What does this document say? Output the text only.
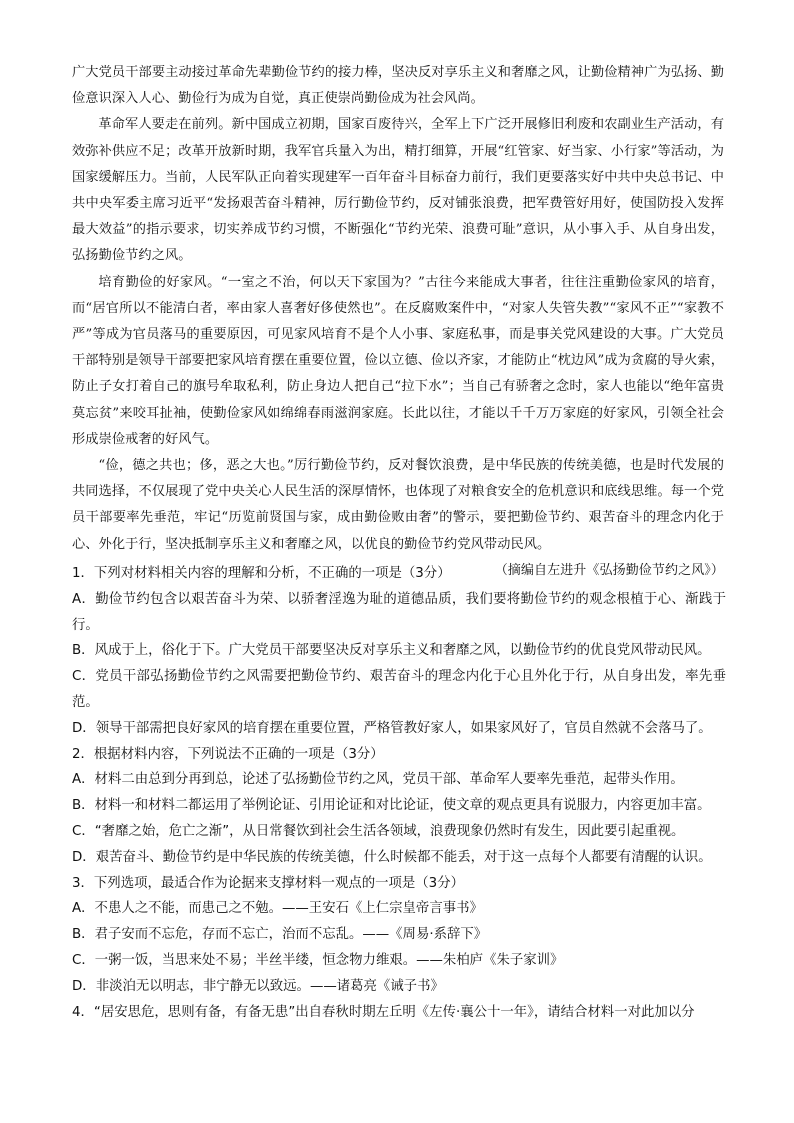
广大党员干部要主动接过革命先辈勤俭节约的接力棒，坚决反对享乐主义和奢靡之风，让勤俭精神广为弘扬、勤俭意识深入人心、勤俭行为成为自觉，真正使崇尚勤俭成为社会风尚。

革命军人要走在前列。新中国成立初期，国家百废待兴，全军上下广泛开展修旧利废和农副业生产活动，有效弥补供应不足；改革开放新时期，我军官兵量入为出，精打细算，开展“红管家、好当家、小行家”等活动，为国家缓解压力。当前，人民军队正向着实现建军一百年奋斗目标奋力前行，我们更要落实好中共中央总书记、中共中央军委主席习近平“发扬艰苦奋斗精神，厉行勤俭节约，反对铺张浪费，把军费管好用好，使国防投入发挥最大效益”的指示要求，切实养成节约习惯，不断强化“节约光荣、浪费可耻”意识，从小事入手、从自身出发，弘扬勤俭节约之风。

培育勤俭的好家风。“一室之不治，何以天下家国为？”古往今来能成大事者，往往注重勤俭家风的培育，而“居官所以不能清白者，率由家人喜奢好侈使然也”。在反腐败案件中，“对家人失管失教”“家风不正”“家教不严”等成为官员落马的重要原因，可见家风培育不是个人小事、家庭私事，而是事关党风建设的大事。广大党员干部特别是领导干部要把家风培育摆在重要位置，俭以立德、俭以齐家，才能防止“枕边风”成为贪腐的导火索，防止子女打着自己的旗号牟取私利，防止身边人把自己“拉下水”；当自己有骄奢之念时，家人也能以“绝年富贵莫忘贫”来咬耳扯袖，使勤俭家风如绵绵春雨滋润家庭。长此以往，才能以千千万万家庭的好家风，引领全社会形成崇俭戒奢的好风气。

“俭，德之共也；侈，恶之大也。”厉行勤俭节约，反对餐饮浪费，是中华民族的传统美德，也是时代发展的共同选择，不仅展现了党中央关心人民生活的深厚情怀，也体现了对粮食安全的危机意识和底线思维。每一个党员干部要率先垂范，牢记“历览前贤国与家，成由勤俭败由奢”的警示，要把勤俭节约、艰苦奋斗的理念内化于心、外化于行，坚决抵制享乐主义和奢靡之风，以优良的勤俭节约党风带动民风。

（摘编自左进升《弘扬勤俭节约之风》）

1．下列对材料相关内容的理解和分析，不正确的一项是（3分）

A．勤俭节约包含以艰苦奋斗为荣、以骄奢淫逸为耻的道德品质，我们要将勤俭节约的观念根植于心、渐践于行。

B．风成于上，俗化于下。广大党员干部要坚决反对享乐主义和奢靡之风，以勤俭节约的优良党风带动民风。

C．党员干部弘扬勤俭节约之风需要把勤俭节约、艰苦奋斗的理念内化于心且外化于行，从自身出发，率先垂范。

D．领导干部需把良好家风的培育摆在重要位置，严格管教好家人，如果家风好了，官员自然就不会落马了。

2．根据材料内容，下列说法不正确的一项是（3分）

A．材料二由总到分再到总，论述了弘扬勤俭节约之风，党员干部、革命军人要率先垂范，起带头作用。

B．材料一和材料二都运用了举例论证、引用论证和对比论证，使文章的观点更具有说服力，内容更加丰富。

C．“奢靡之始，危亡之渐”，从日常餐饮到社会生活各领域，浪费现象仍然时有发生，因此要引起重视。

D．艰苦奋斗、勤俭节约是中华民族的传统美德，什么时候都不能丢，对于这一点每个人都要有清醒的认识。

3．下列选项，最适合作为论据来支撑材料一观点的一项是（3分）

A．不患人之不能，而患己之不勉。——王安石《上仁宗皇帝言事书》

B．君子安而不忘危，存而不忘亡，治而不忘乱。——《周易·系辞下》

C．一粥一饭，当思来处不易；半丝半缕，恒念物力维艰。——朱柏庐《朱子家训》

D．非淡泊无以明志，非宁静无以致远。——诸葛亮《诫子书》

4．“居安思危，思则有备，有备无患”出自春秋时期左丘明《左传·襄公十一年》，请结合材料一对此加以分
